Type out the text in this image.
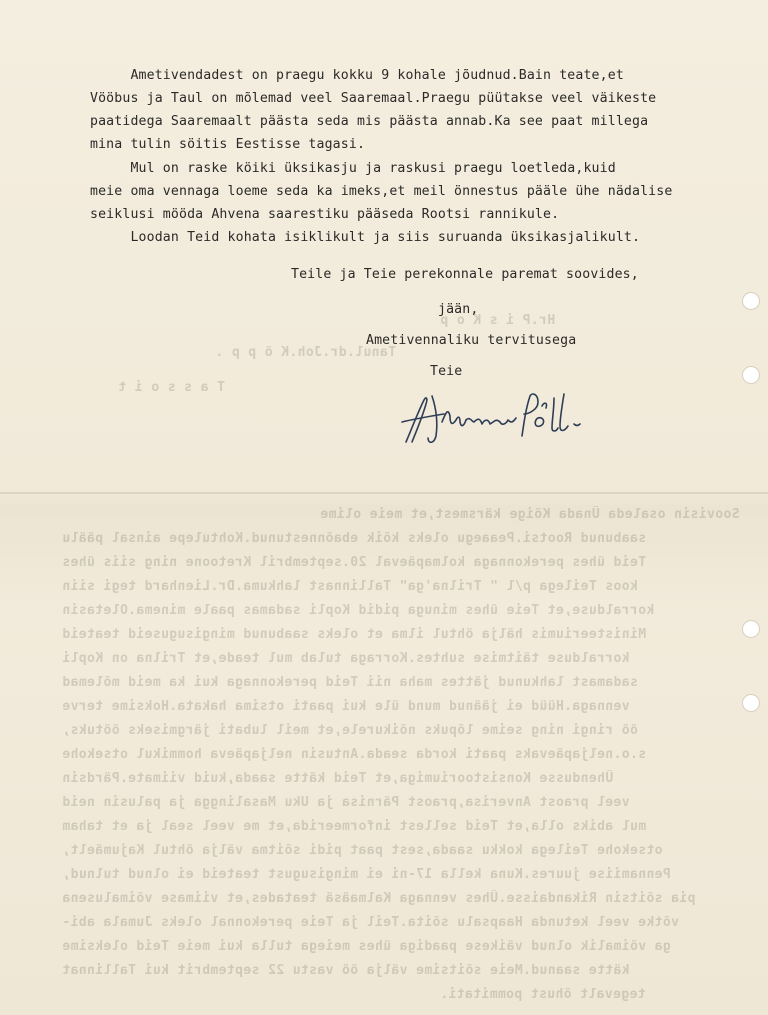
Hr.P i s K o p
Tanul.dr.Joh.K ö p p .
T a s s o i t
Soovisin osaleda Ünada Kõige kärsmest,et meie olime
saabunud Rootsi.Peaaegu oleks kõik ebaõnnestunud.Kohtulepe ainsal päälu
Teid ühes perekonnaga kolmapäeval 20.septembril Kretoone ning siis ühes
koos Teilega p/l " Trilna'ga" Tallinnast lahkuma.Dr.Lienhard tegi siin
korralduse,et Teie ühes minuga pidid Kopli sadamas paale minema.Oletasin
Ministeeriumis hälja öhtul ilma et oleks saabunud mingisuguseid teateid
korralduse täitmise suhtes.Korraga tulab mul teade,et Trilna on Kopli
sadamast lahkunud jättes maha nii Teid perekonnaga kui ka meid mõlemad
vennaga.Hüüd ei jäänud mund üle kui paati otsima hakata.Hoksime terve
öö ringi ning seime lõpuks nõikurele,et meil lubati järgmiseks öötuks,
s.o.neljapäevaks paati korda seada.Antusin neljapäeva hommikul otsekohe
Ühendusse Konsistooriumiga,et Teid kätte saada,kuid viimate.Pärdsin
veel praost Anverisa,praost Pärnisa ja Uku Masalingga ja palusin neid
mul abiks olla,et Teid sellest informeerida,et me veel seal ja et taham
otsekohe Teilega kokku saada,sest paat pidi sõitma välja öhtul Kajumäelt,
Pennamiise juures.Kuna kella 17-ni ei mingisugust teateid ei olnud tulnud,
pia sõitsin Rikandaisse.Ühes vennaga Kalmaäsä teatades,et viimase võimalusena
võtke veel ketunda Haapsalu sõita.Teil ja Teie perekonnal oleks Jumala abi-
ga võimalik olnud väikese paadiga ühes meiega tulla kui meie Teid oleksime
kätte saanud.Meie sõitsime välja öö vastu 22 septembrit kui Tallinnat
tegevalt õhust pommitati.
Ametivendadest on praegu kokku 9 kohale jõudnud.Bain teate,et
Vööbus ja Taul on mõlemad veel Saaremaal.Praegu püütakse veel väikeste
paatidega Saaremaalt päästa seda mis päästa annab.Ka see paat millega
mina tulin söitis Eestisse tagasi.
Mul on raske köiki üksikasju ja raskusi praegu loetleda,kuid
meie oma vennaga loeme seda ka imeks,et meil önnestus pääle ühe nädalise
seiklusi mööda Ahvena saarestiku pääseda Rootsi rannikule.
Loodan Teid kohata isiklikult ja siis suruanda üksikasjalikult.
Teile ja Teie perekonnale paremat soovides,
jään,
Ametivennaliku tervitusega
Teie
